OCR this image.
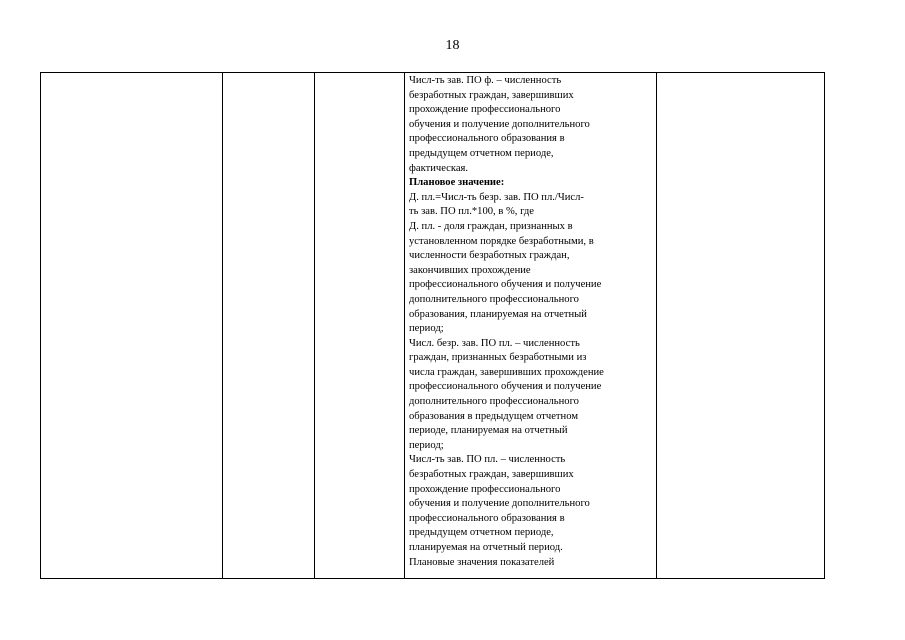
18

Числ-ть зав. ПО ф. – численность
безработных граждан, завершивших
прохождение профессионального
обучения и получение дополнительного
профессионального образования в
предыдущем отчетном периоде,
фактическая.
Плановое значение:
Д. пл.=Числ-ть безр. зав. ПО пл./Числ-
ть зав. ПО пл.*100, в %, где
Д. пл. - доля граждан, признанных в
установленном порядке безработными, в
численности безработных граждан,
закончивших прохождение
профессионального обучения и получение
дополнительного профессионального
образования, планируемая на отчетный
период;
Числ. безр. зав. ПО пл. – численность
граждан, признанных безработными из
числа граждан, завершивших прохождение
профессионального обучения и получение
дополнительного профессионального
образования в предыдущем отчетном
периоде, планируемая на отчетный
период;
Числ-ть зав. ПО пл. – численность
безработных граждан, завершивших
прохождение профессионального
обучения и получение дополнительного
профессионального образования в
предыдущем отчетном периоде,
планируемая на отчетный период.
Плановые значения показателей
